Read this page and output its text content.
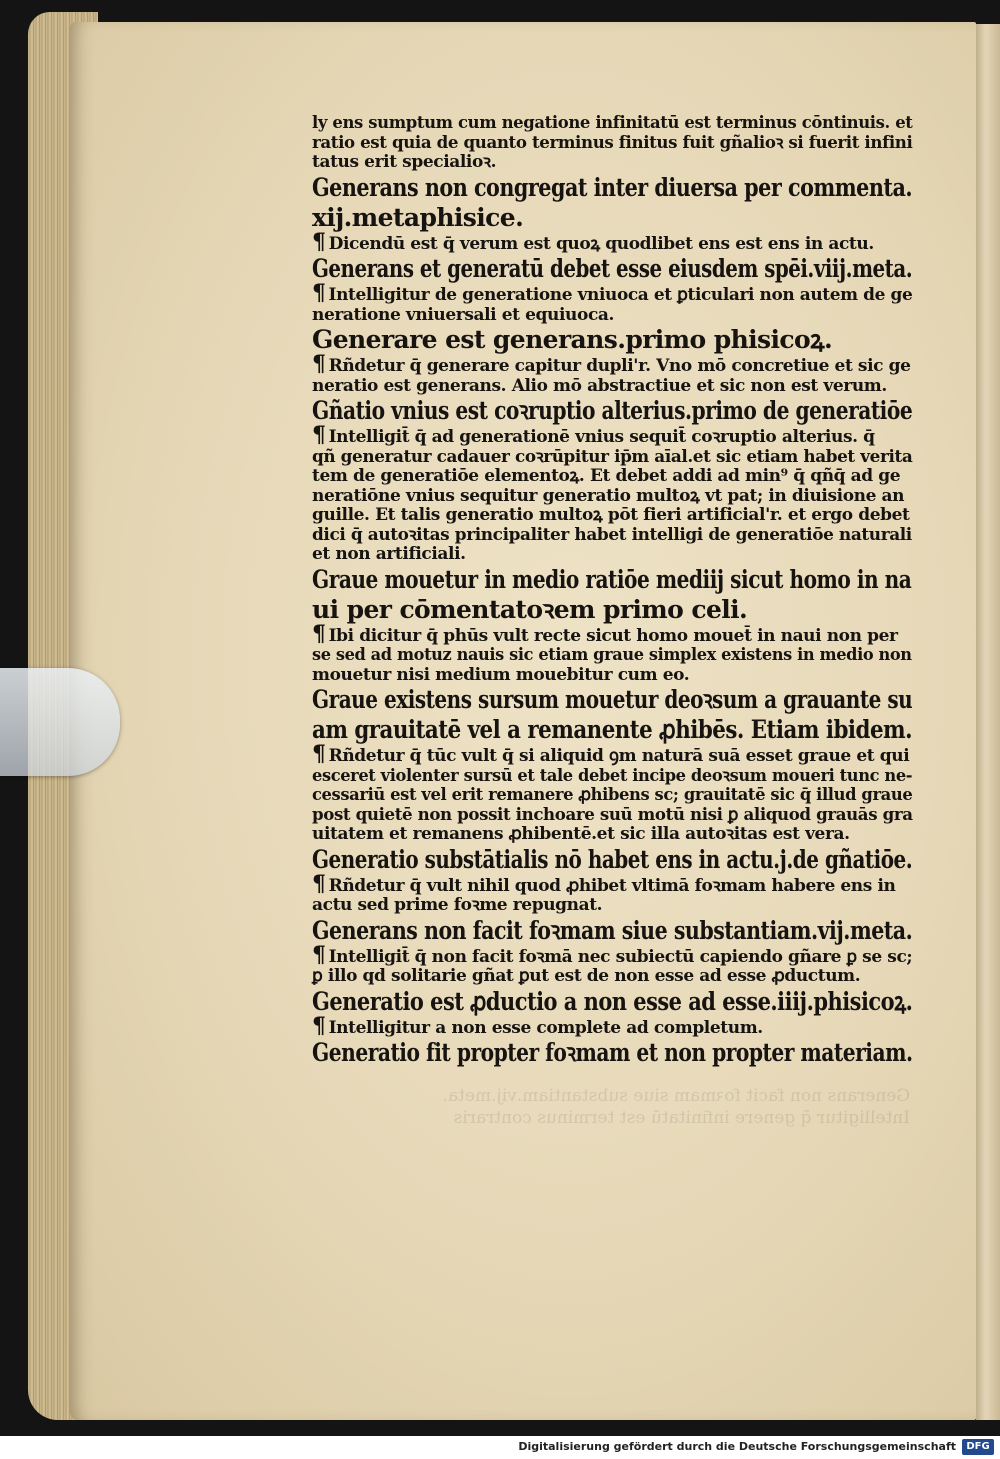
Generans non facit foꝛmam siue substantiam.vij.meta.
Intelligitur q̄ genere infinitatū est terminus contraris
ly ens sumptum cum negatione infinitatū est terminus cōntinuis. et
ratio est quia de quanto terminus finitus fuit gñalioꝛ si fuerit infini
tatus erit specialioꝛ.
Generans non congregat inter diuersa per commenta.
xij.metaphisice.
¶ Dicendū est q̄ verum est quoꝝ quodlibet ens est ens in actu.
Generans et generatū debet esse eiusdem spēi.viij.meta.
¶ Intelligitur de generatione vniuoca et ꝑticulari non autem de ge
neratione vniuersali et equiuoca.
Generare est generans.primo phisicoꝝ.
¶ Rñdetur q̄ generare capitur dupli'r. Vno mō concretiue et sic ge
neratio est generans. Alio mō abstractiue et sic non est verum.
Gñatio vnius est coꝛruptio alterius.primo de generatiōe
¶ Intelligit̄ q̄ ad generationē vnius sequit̄ coꝛruptio alterius. q̄
qñ generatur cadauer coꝛrūpitur ip̄m aīal.et sic etiam habet verita
tem de generatiōe elementoꝝ. Et debet addi ad min⁹ q̄ qñq̄ ad ge
neratiōne vnius sequitur generatio multoꝝ vt pat; in diuisione an
guille. Et talis generatio multoꝝ pōt fieri artificial'r. et ergo debet
dici q̄ autoꝛitas principaliter habet intelligi de generatiōe naturali
et non artificiali.
Graue mouetur in medio ratiōe mediij sicut homo in na
ui per cōmentatoꝛem primo celi.
¶ Ibi dicitur q̄ phūs vult recte sicut homo mouet̄ in naui non per
se sed ad motuz nauis sic etiam graue simplex existens in medio non
mouetur nisi medium mouebitur cum eo.
Graue existens sursum mouetur deoꝛsum a grauante su
am grauitatē vel a remanente ꝓhibēs. Etiam ibidem.
¶ Rñdetur q̄ tūc vult q̄ si aliquid ꝯm naturā suā esset graue et qui
esceret violenter sursū et tale debet incipe deoꝛsum moueri tunc ne-
cessariū est vel erit remanere ꝓhibens sc; grauitatē sic q̄ illud graue
post quietē non possit inchoare suū motū nisi ꝑ aliquod grauās gra
uitatem et remanens ꝓhibentē.et sic illa autoꝛitas est vera.
Generatio substātialis nō habet ens in actu.j.de gñatiōe.
¶ Rñdetur q̄ vult nihil quod ꝓhibet vltimā foꝛmam habere ens in
actu sed prime foꝛme repugnat.
Generans non facit foꝛmam siue substantiam.vij.meta.
¶ Intelligit̄ q̄ non facit foꝛmā nec subiectū capiendo gñare ꝑ se sc;
ꝑ illo qd solitarie gñat ꝑut est de non esse ad esse ꝓductum.
Generatio est ꝓductio a non esse ad esse.iiij.phisicoꝝ.
¶ Intelligitur a non esse complete ad completum.
Generatio fit propter foꝛmam et non propter materiam.
Digitalisierung gefördert durch die Deutsche Forschungsgemeinschaft	DFG
